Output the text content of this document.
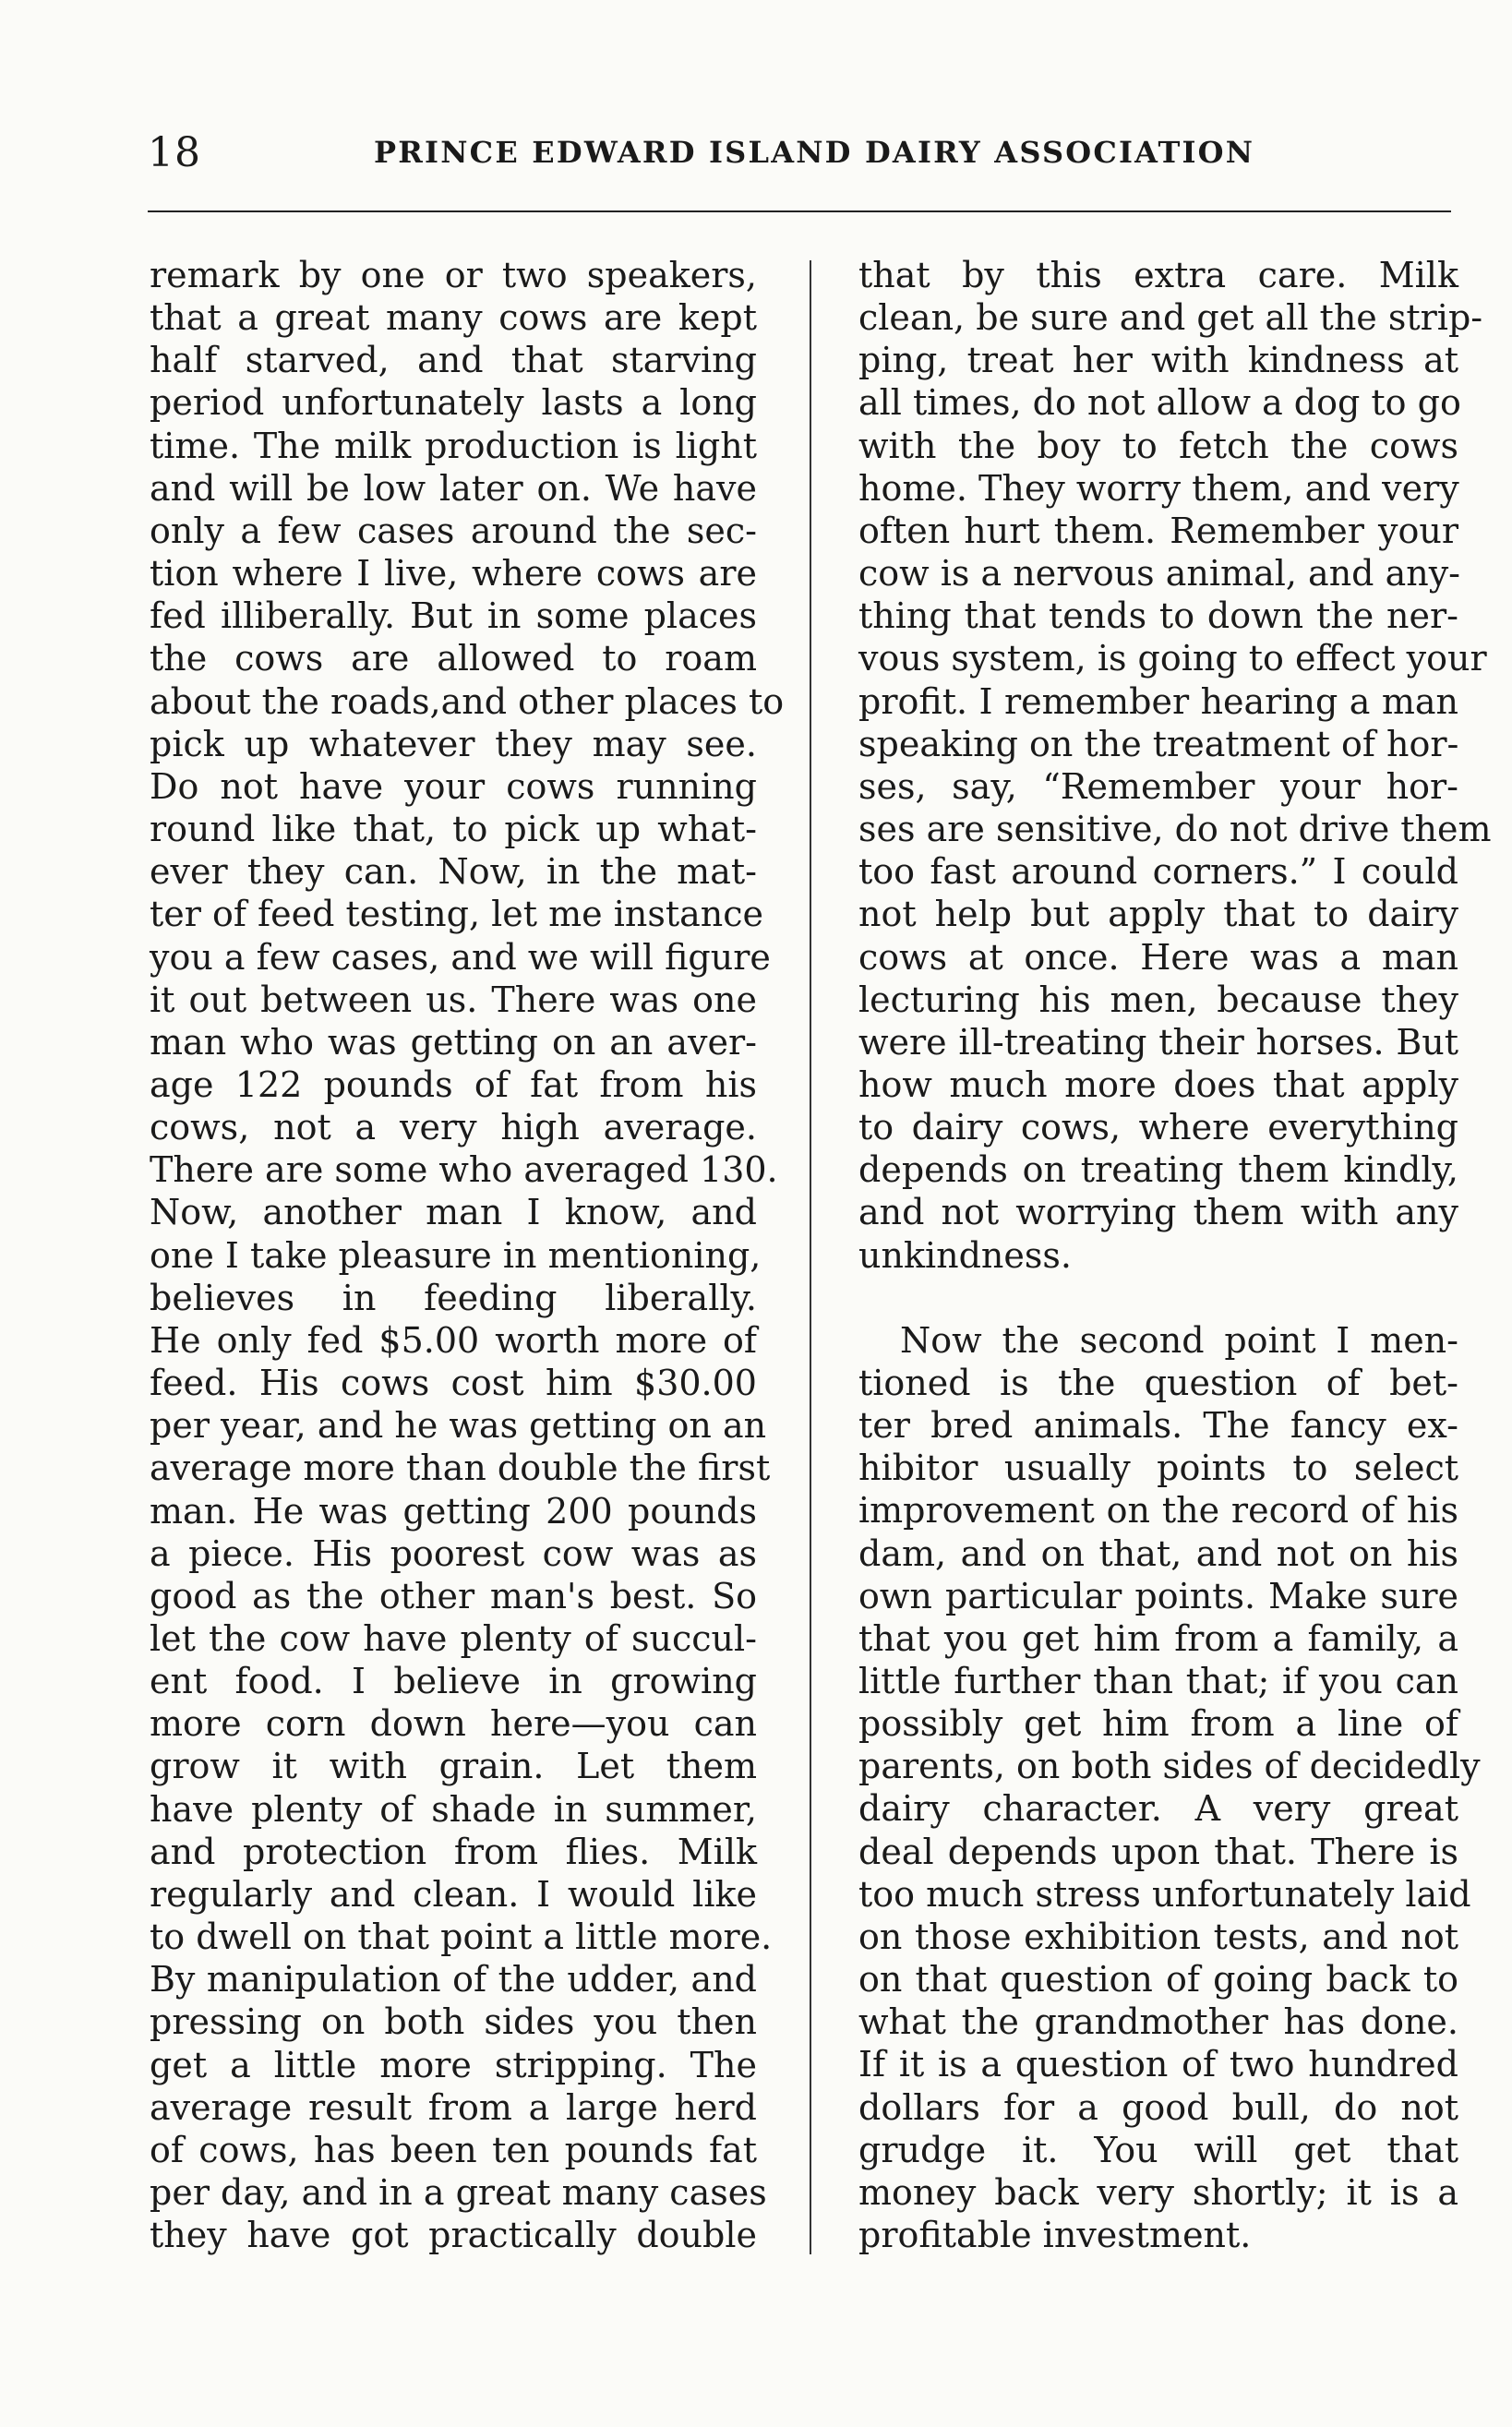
18	PRINCE EDWARD ISLAND DAIRY ASSOCIATION
remark by one or two speakers,
that a great many cows are kept
half starved, and that starving
period unfortunately lasts a long
time. The milk production is light
and will be low later on. We have
only a few cases around the sec-
tion where I live, where cows are
fed illiberally. But in some places
the cows are allowed to roam
about the roads,and other places to
pick up whatever they may see.
Do not have your cows running
round like that, to pick up what-
ever they can. Now, in the mat-
ter of feed testing, let me instance
you a few cases, and we will figure
it out between us. There was one
man who was getting on an aver-
age 122 pounds of fat from his
cows, not a very high average.
There are some who averaged 130.
Now, another man I know, and
one I take pleasure in mentioning,
believes in feeding liberally.
He only fed $5.00 worth more of
feed. His cows cost him $30.00
per year, and he was getting on an
average more than double the first
man. He was getting 200 pounds
a piece. His poorest cow was as
good as the other man's best. So
let the cow have plenty of succul-
ent food. I believe in growing
more corn down here—you can
grow it with grain. Let them
have plenty of shade in summer,
and protection from flies. Milk
regularly and clean. I would like
to dwell on that point a little more.
By manipulation of the udder, and
pressing on both sides you then
get a little more stripping. The
average result from a large herd
of cows, has been ten pounds fat
per day, and in a great many cases
they have got practically double
that by this extra care. Milk
clean, be sure and get all the strip-
ping, treat her with kindness at
all times, do not allow a dog to go
with the boy to fetch the cows
home. They worry them, and very
often hurt them. Remember your
cow is a nervous animal, and any-
thing that tends to down the ner-
vous system, is going to effect your
profit. I remember hearing a man
speaking on the treatment of hor-
ses, say, “Remember your hor-
ses are sensitive, do not drive them
too fast around corners.” I could
not help but apply that to dairy
cows at once. Here was a man
lecturing his men, because they
were ill-treating their horses. But
how much more does that apply
to dairy cows, where everything
depends on treating them kindly,
and not worrying them with any
unkindness.
Now the second point I men-
tioned is the question of bet-
ter bred animals. The fancy ex-
hibitor usually points to select
improvement on the record of his
dam, and on that, and not on his
own particular points. Make sure
that you get him from a family, a
little further than that; if you can
possibly get him from a line of
parents, on both sides of decidedly
dairy character. A very great
deal depends upon that. There is
too much stress unfortunately laid
on those exhibition tests, and not
on that question of going back to
what the grandmother has done.
If it is a question of two hundred
dollars for a good bull, do not
grudge it. You will get that
money back very shortly; it is a
profitable investment.
